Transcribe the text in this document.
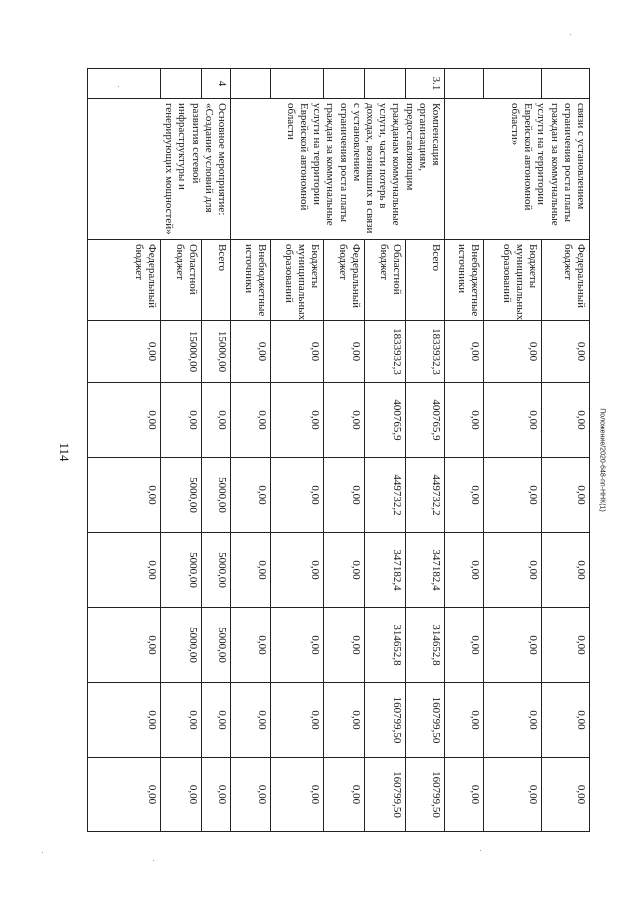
114	Положение/2020-648-пп-ННК(1)
	связи с установлением ограничения роста платы граждан за коммунальные услуги на территории Еврейской автономной области»	Федеральный бюджет	0,00	0,00	0,00	0,00	0,00	0,00	0,00
		Бюджеты муниципальных образований	0,00	0,00	0,00	0,00	0,00	0,00	0,00
		Внебюджетные источники	0,00	0,00	0,00	0,00	0,00	0,00	0,00
3.1	Компенсация организациям, предоставляющим гражданам коммунальные услуги, части потерь в доходах, возникших в связи с установлением ограничения роста платы граждан за коммунальные услуги на территории Еврейской автономной области	Всего	1833932,3	400765,9	449732,2	347182,4	314652,8	160799,50	160799,50
		Областной бюджет	1833932,3	400765,9	449732,2	347182,4	314652,8	160799,50	160799,50
		Федеральный бюджет	0,00	0,00	0,00	0,00	0,00	0,00	0,00
		Бюджеты муниципальных образований	0,00	0,00	0,00	0,00	0,00	0,00	0,00
		Внебюджетные источники	0,00	0,00	0,00	0,00	0,00	0,00	0,00
4	Основное мероприятие: «Создание условий для развития сетевой инфраструктуры и генерирующих мощностей»	Всего	15000,00	0,00	5000,00	5000,00	5000,00	0,00	0,00
		Областной бюджет	15000,00	0,00	5000,00	5000,00	5000,00	0,00	0,00
		Федеральный бюджет	0,00	0,00	0,00	0,00	0,00	0,00	0,00
